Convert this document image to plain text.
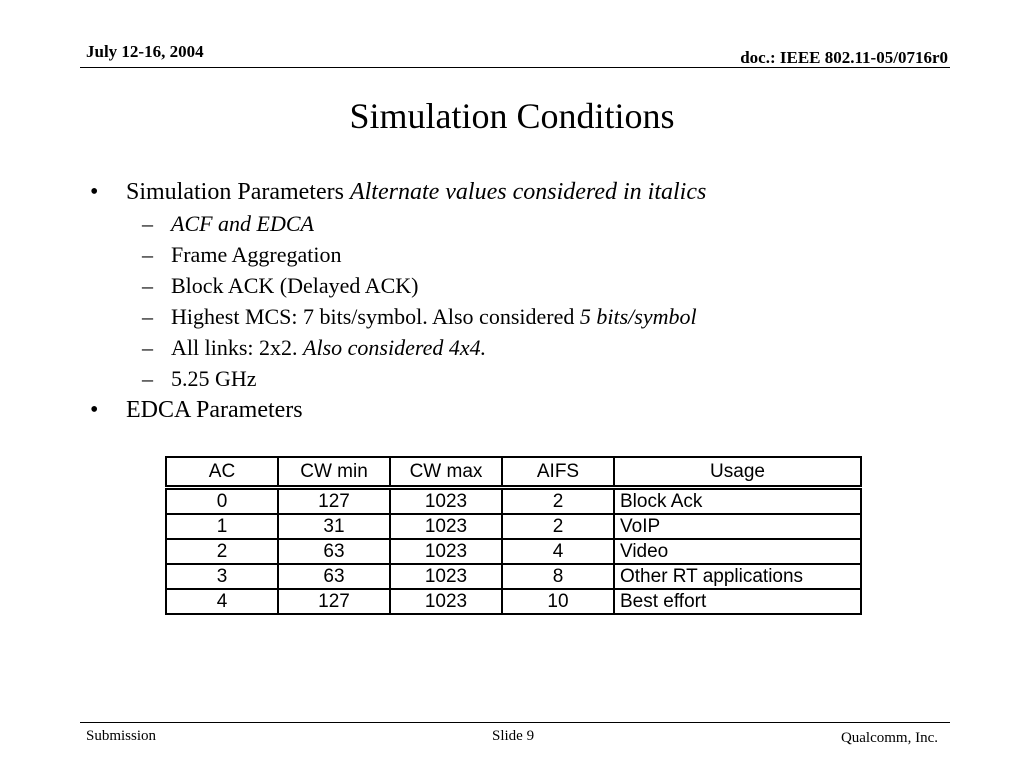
July 12-16, 2004	doc.: IEEE 802.11-05/0716r0
Simulation Conditions
• Simulation Parameters Alternate values considered in italics
– ACF and EDCA
– Frame Aggregation
– Block ACK (Delayed ACK)
– Highest MCS: 7 bits/symbol. Also considered 5 bits/symbol
– All links: 2x2. Also considered 4x4.
– 5.25 GHz
• EDCA Parameters
AC	CW min	CW max	AIFS	Usage
0	127	1023	2	Block Ack
1	31	1023	2	VoIP
2	63	1023	4	Video
3	63	1023	8	Other RT applications
4	127	1023	10	Best effort
Submission	Slide 9	Qualcomm, Inc.
